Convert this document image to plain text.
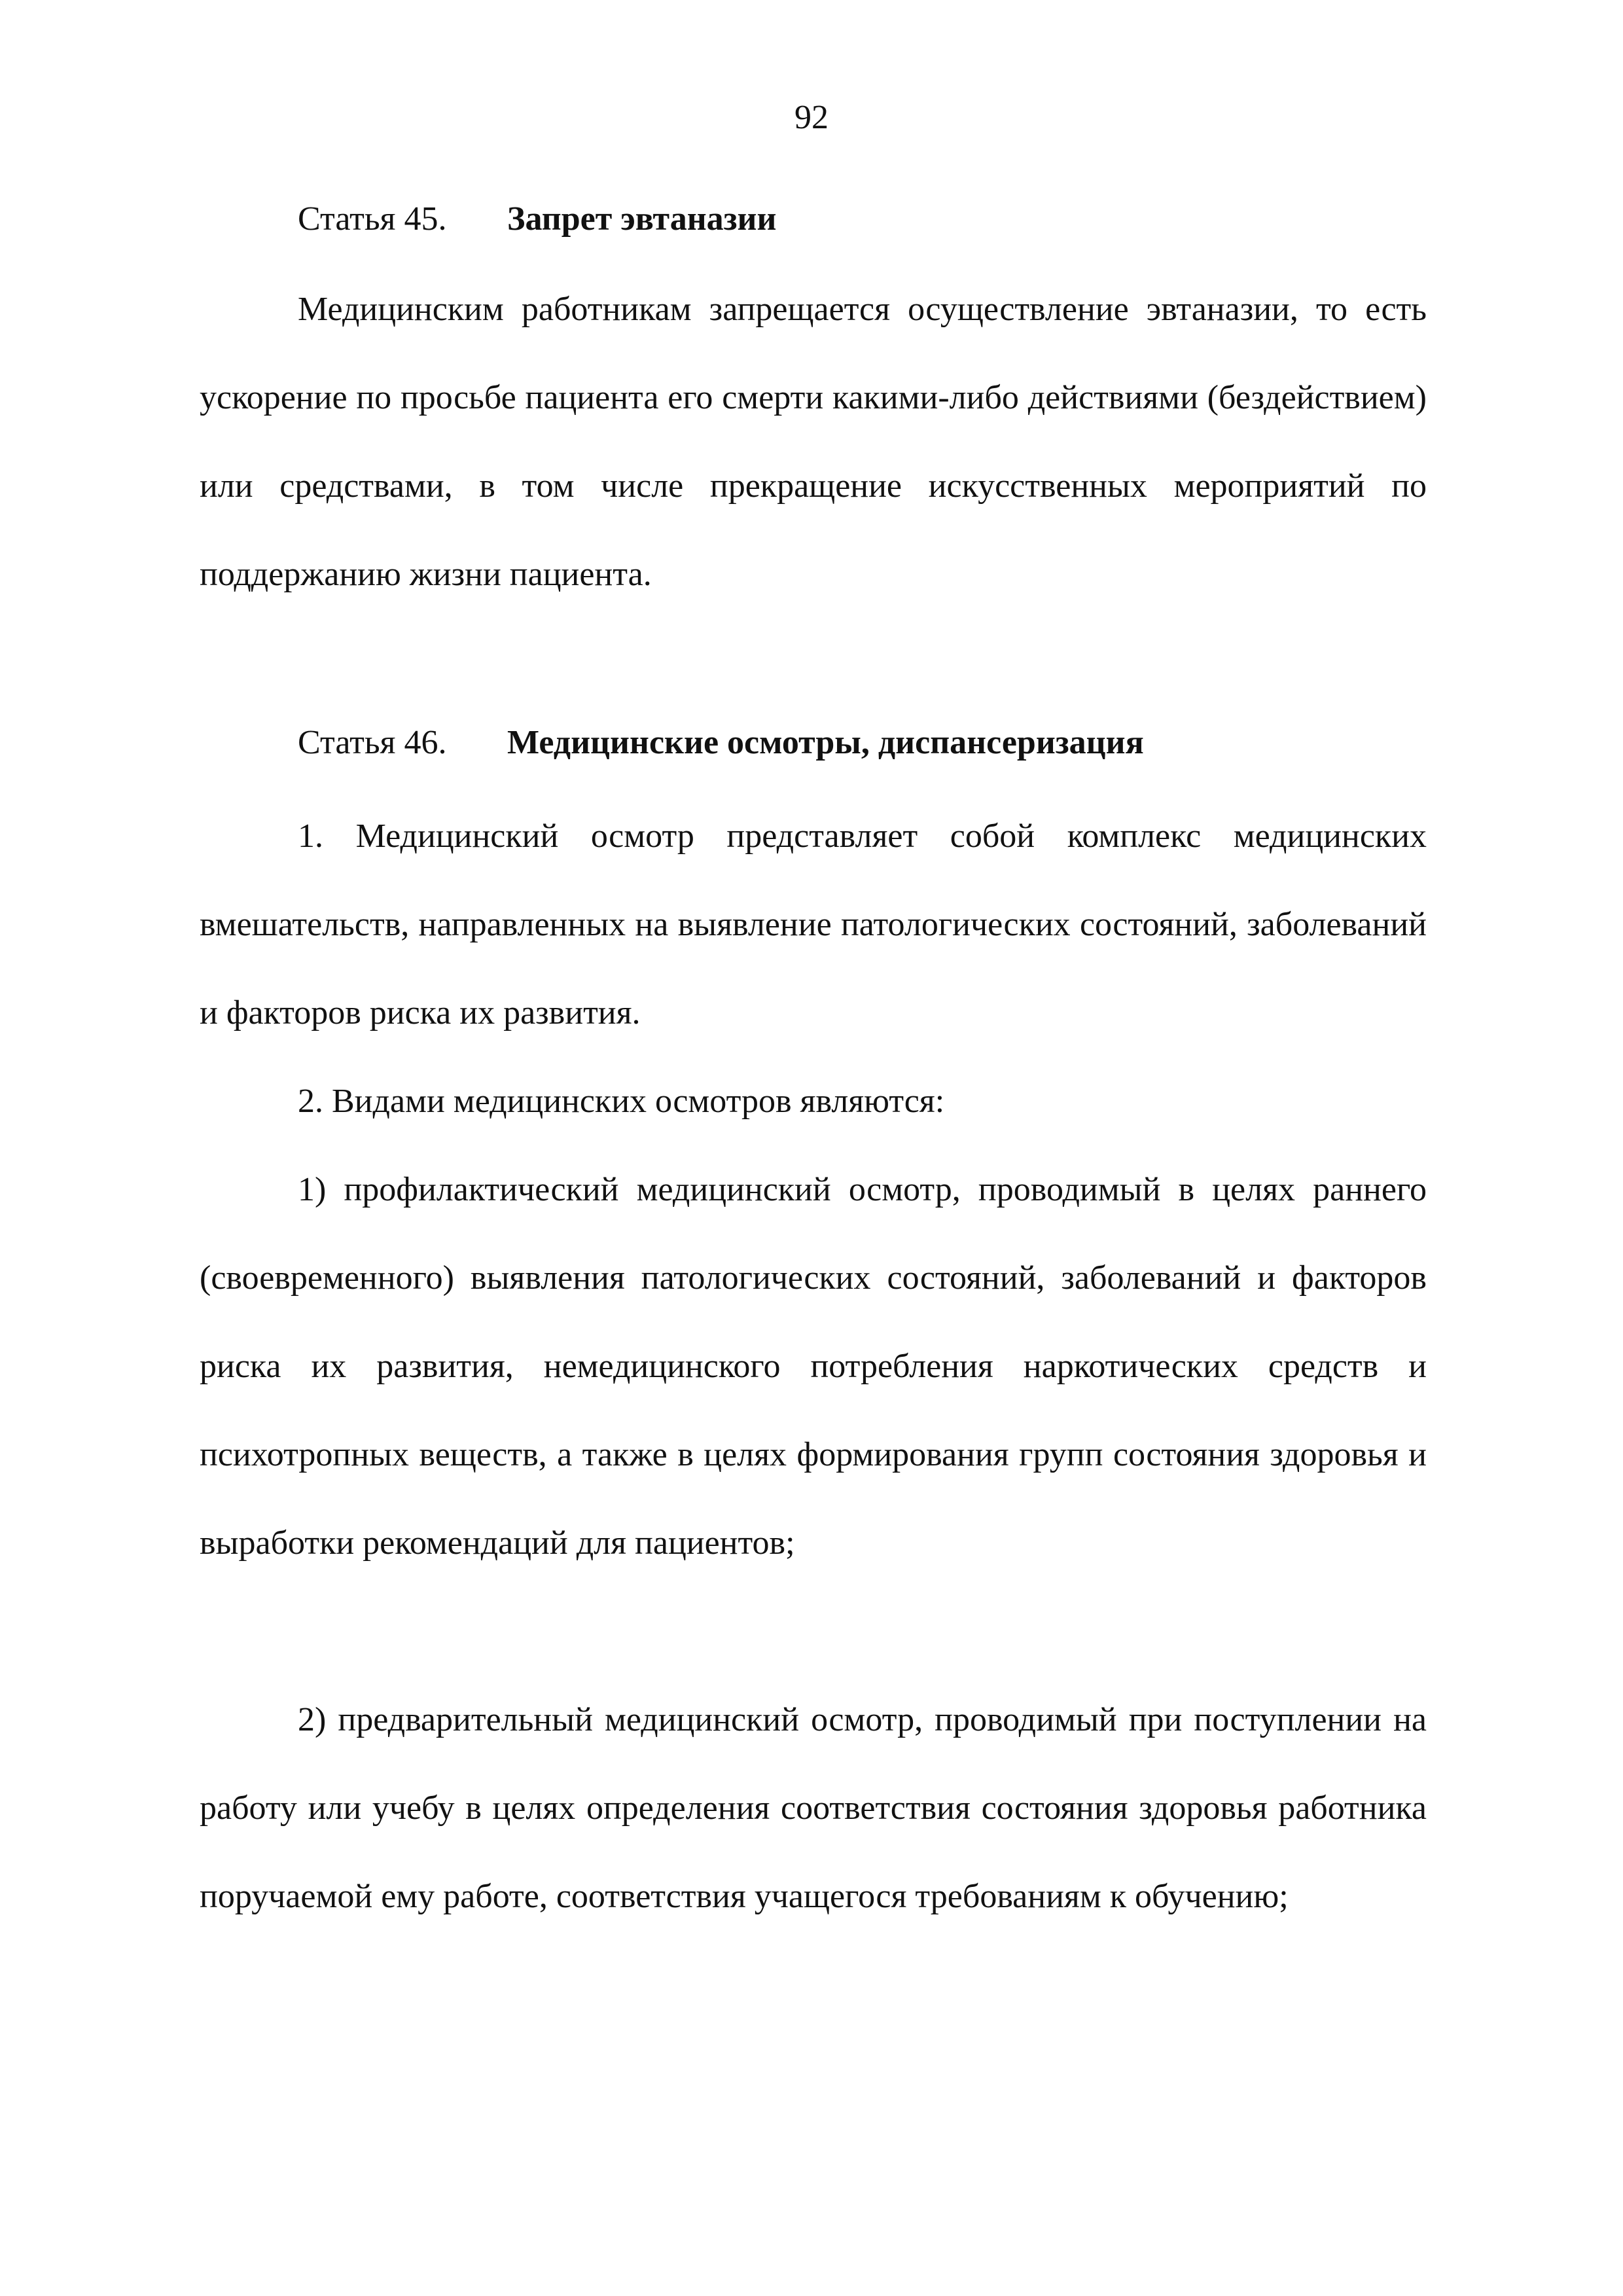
92
Статья 45. Запрет эвтаназии

Медицинским работникам запрещается осуществление эвтаназии, то есть ускорение по просьбе пациента его смерти какими-либо действиями (бездействием) или средствами, в том числе прекращение искусственных мероприятий по поддержанию жизни пациента.

Статья 46. Медицинские осмотры, диспансеризация

1. Медицинский осмотр представляет собой комплекс медицинских вмешательств, направленных на выявление патологических состояний, заболеваний и факторов риска их развития.

2. Видами медицинских осмотров являются:

1) профилактический медицинский осмотр, проводимый в целях раннего (своевременного) выявления патологических состояний, заболеваний и факторов риска их развития, немедицинского потребления наркотических средств и психотропных веществ, а также в целях формирования групп состояния здоровья и выработки рекомендаций для пациентов;

2) предварительный медицинский осмотр, проводимый при поступлении на работу или учебу в целях определения соответствия состояния здоровья работника поручаемой ему работе, соответствия учащегося требованиям к обучению;
